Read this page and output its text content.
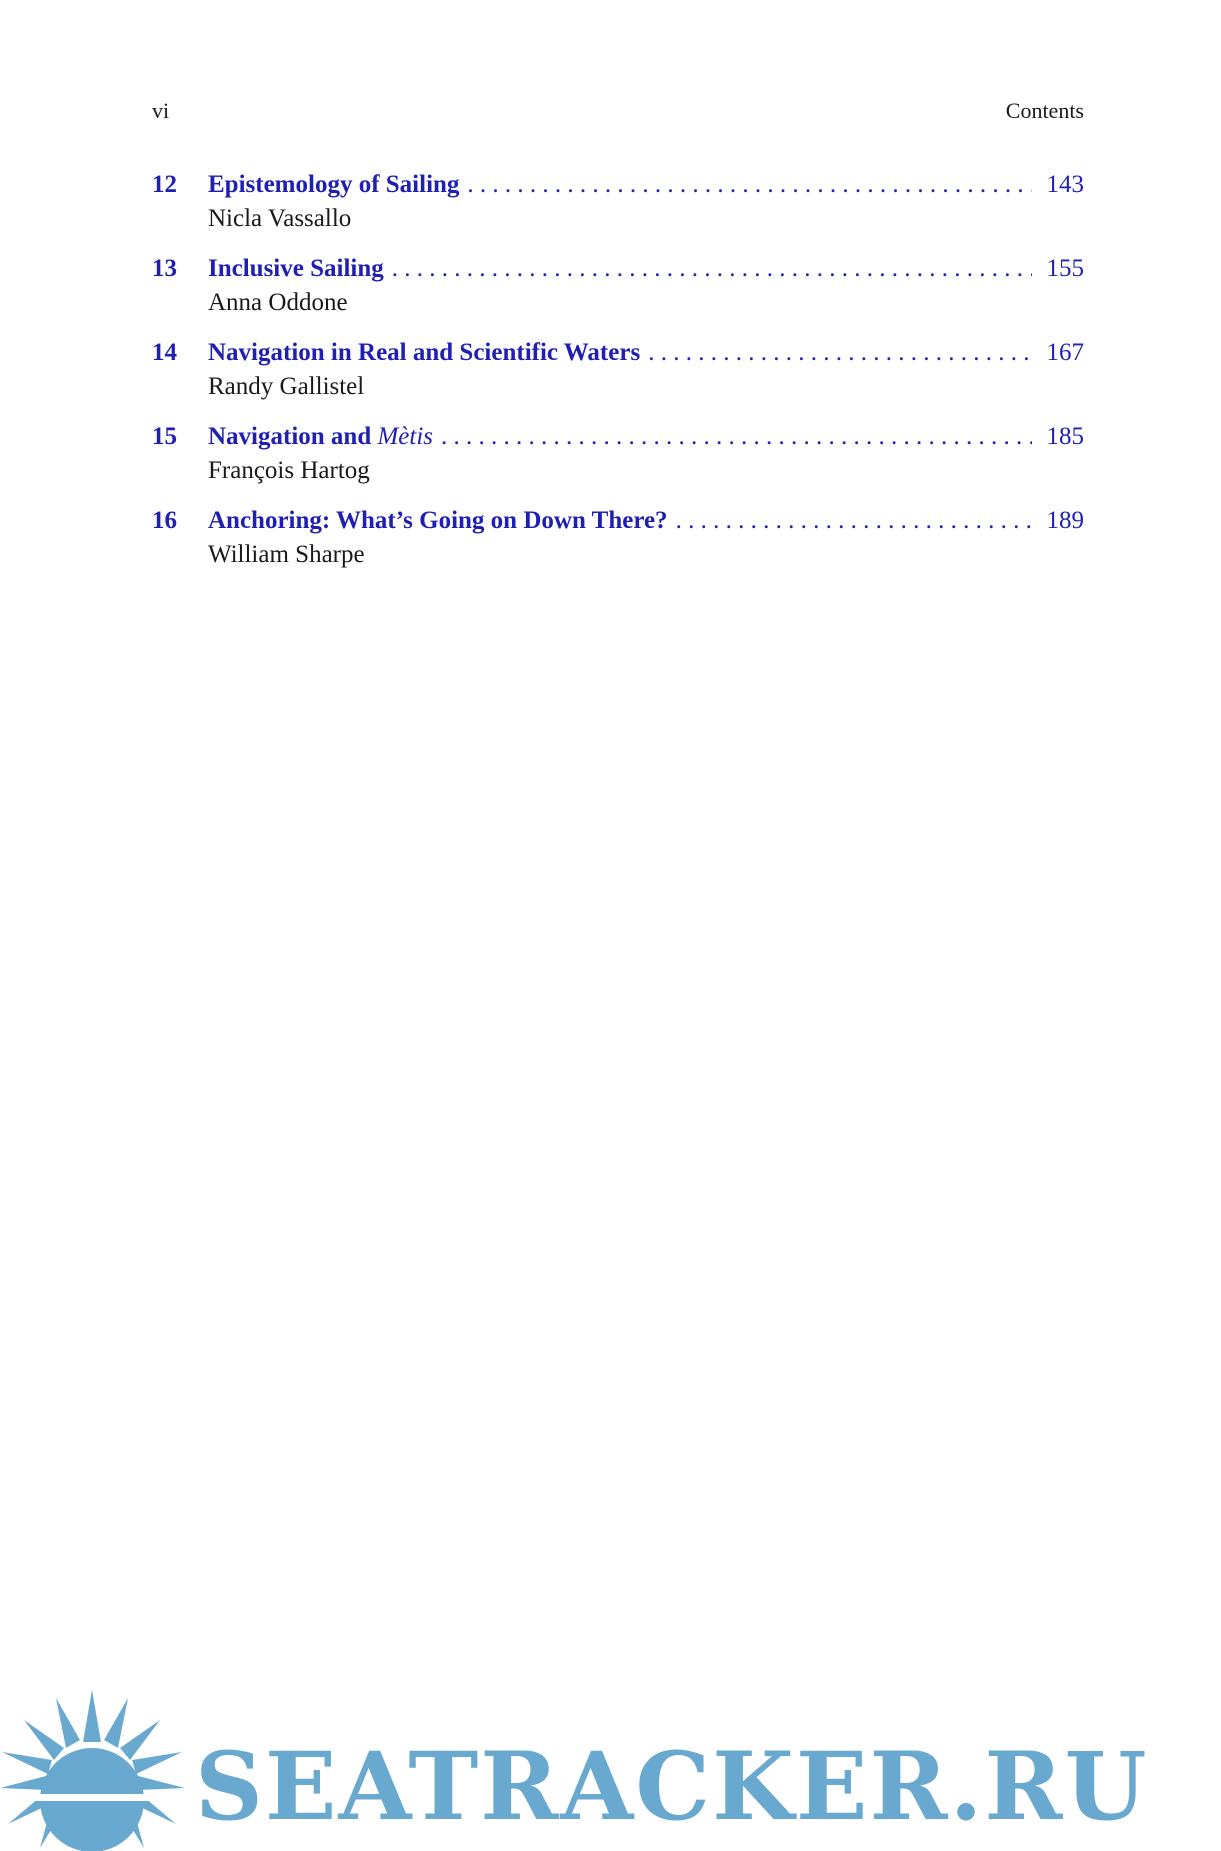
vi	Contents
12 Epistemology of Sailing . . .	143
Nicla Vassallo
13 Inclusive Sailing . . .	155
Anna Oddone
14 Navigation in Real and Scientific Waters . . .	167
Randy Gallistel
15 Navigation and Mètis . . .	185
François Hartog
16 Anchoring: What’s Going on Down There? . . .	189
William Sharpe
SEATRACKER.RU
